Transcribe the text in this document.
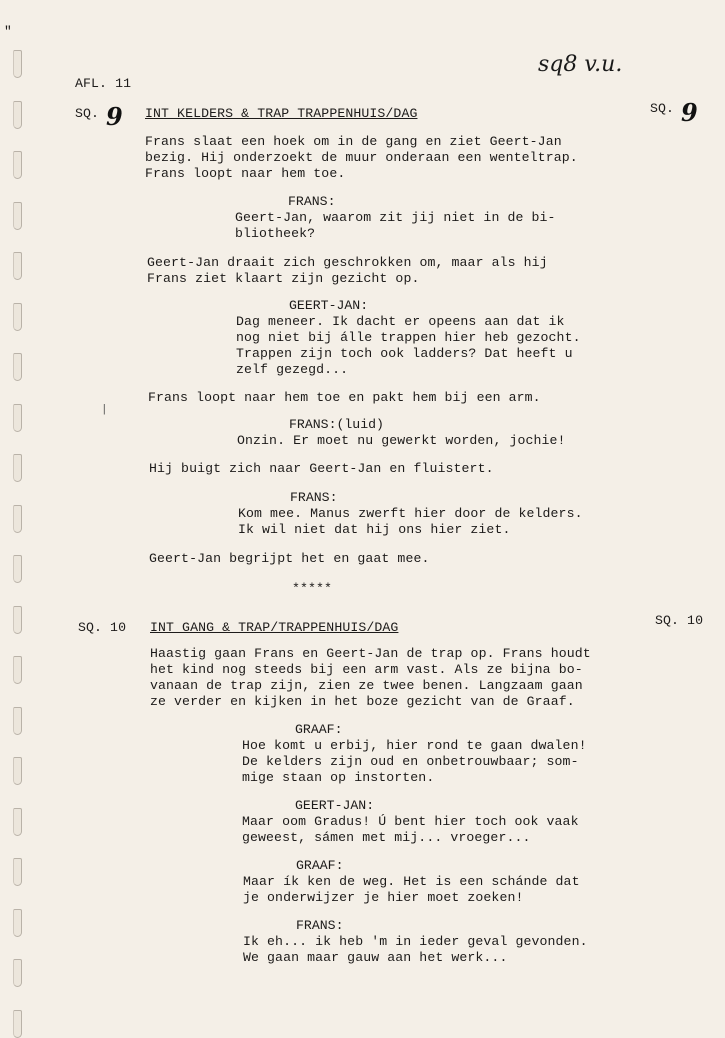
"
sq8 v.u.
AFL. 11
SQ. 9 INT KELDERS & TRAP TRAPPENHUIS/DAG	SQ. 9
Frans slaat een hoek om in de gang en ziet Geert-Jan
bezig. Hij onderzoekt de muur onderaan een wenteltrap.
Frans loopt naar hem toe.
FRANS:
Geert-Jan, waarom zit jij niet in de bi-
bliotheek?
Geert-Jan draait zich geschrokken om, maar als hij
Frans ziet klaart zijn gezicht op.
GEERT-JAN:
Dag meneer. Ik dacht er opeens aan dat ik
nog niet bij álle trappen hier heb gezocht.
Trappen zijn toch ook ladders? Dat heeft u
zelf gezegd...
Frans loopt naar hem toe en pakt hem bij een arm.
|
FRANS:(luid)
Onzin. Er moet nu gewerkt worden, jochie!
Hij buigt zich naar Geert-Jan en fluistert.
FRANS:
Kom mee. Manus zwerft hier door de kelders.
Ik wil niet dat hij ons hier ziet.
Geert-Jan begrijpt het en gaat mee.
*****
SQ. 10 INT GANG & TRAP/TRAPPENHUIS/DAG	SQ. 10
Haastig gaan Frans en Geert-Jan de trap op. Frans houdt
het kind nog steeds bij een arm vast. Als ze bijna bo-
vanaan de trap zijn, zien ze twee benen. Langzaam gaan
ze verder en kijken in het boze gezicht van de Graaf.
GRAAF:
Hoe komt u erbij, hier rond te gaan dwalen!
De kelders zijn oud en onbetrouwbaar; som-
mige staan op instorten.
GEERT-JAN:
Maar oom Gradus! Ú bent hier toch ook vaak
geweest, sámen met mij... vroeger...
GRAAF:
Maar ík ken de weg. Het is een schánde dat
je onderwijzer je hier moet zoeken!
FRANS:
Ik eh... ik heb 'm in ieder geval gevonden.
We gaan maar gauw aan het werk...
